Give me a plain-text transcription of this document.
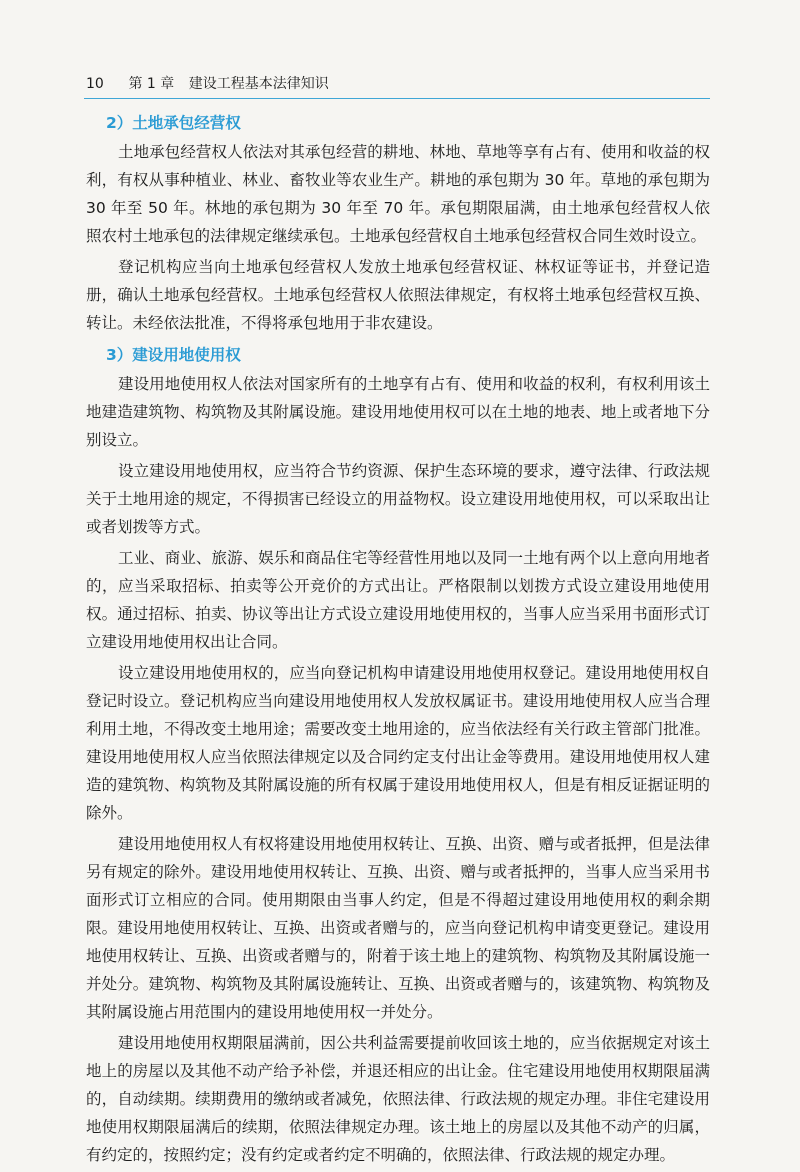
10 第 1 章 建设工程基本法律知识
2）土地承包经营权

土地承包经营权人依法对其承包经营的耕地、林地、草地等享有占有、使用和收益的权利，有权从事种植业、林业、畜牧业等农业生产。耕地的承包期为 30 年。草地的承包期为 30 年至 50 年。林地的承包期为 30 年至 70 年。承包期限届满，由土地承包经营权人依照农村土地承包的法律规定继续承包。土地承包经营权自土地承包经营权合同生效时设立。

登记机构应当向土地承包经营权人发放土地承包经营权证、林权证等证书，并登记造册，确认土地承包经营权。土地承包经营权人依照法律规定，有权将土地承包经营权互换、转让。未经依法批准，不得将承包地用于非农建设。

3）建设用地使用权

建设用地使用权人依法对国家所有的土地享有占有、使用和收益的权利，有权利用该土地建造建筑物、构筑物及其附属设施。建设用地使用权可以在土地的地表、地上或者地下分别设立。

设立建设用地使用权，应当符合节约资源、保护生态环境的要求，遵守法律、行政法规关于土地用途的规定，不得损害已经设立的用益物权。设立建设用地使用权，可以采取出让或者划拨等方式。

工业、商业、旅游、娱乐和商品住宅等经营性用地以及同一土地有两个以上意向用地者的，应当采取招标、拍卖等公开竞价的方式出让。严格限制以划拨方式设立建设用地使用权。通过招标、拍卖、协议等出让方式设立建设用地使用权的，当事人应当采用书面形式订立建设用地使用权出让合同。

设立建设用地使用权的，应当向登记机构申请建设用地使用权登记。建设用地使用权自登记时设立。登记机构应当向建设用地使用权人发放权属证书。建设用地使用权人应当合理利用土地，不得改变土地用途；需要改变土地用途的，应当依法经有关行政主管部门批准。建设用地使用权人应当依照法律规定以及合同约定支付出让金等费用。建设用地使用权人建造的建筑物、构筑物及其附属设施的所有权属于建设用地使用权人，但是有相反证据证明的除外。

建设用地使用权人有权将建设用地使用权转让、互换、出资、赠与或者抵押，但是法律另有规定的除外。建设用地使用权转让、互换、出资、赠与或者抵押的，当事人应当采用书面形式订立相应的合同。使用期限由当事人约定，但是不得超过建设用地使用权的剩余期限。建设用地使用权转让、互换、出资或者赠与的，应当向登记机构申请变更登记。建设用地使用权转让、互换、出资或者赠与的，附着于该土地上的建筑物、构筑物及其附属设施一并处分。建筑物、构筑物及其附属设施转让、互换、出资或者赠与的，该建筑物、构筑物及其附属设施占用范围内的建设用地使用权一并处分。

建设用地使用权期限届满前，因公共利益需要提前收回该土地的，应当依据规定对该土地上的房屋以及其他不动产给予补偿，并退还相应的出让金。住宅建设用地使用权期限届满的，自动续期。续期费用的缴纳或者减免，依照法律、行政法规的规定办理。非住宅建设用地使用权期限届满后的续期，依照法律规定办理。该土地上的房屋以及其他不动产的归属，有约定的，按照约定；没有约定或者约定不明确的，依照法律、行政法规的规定办理。
